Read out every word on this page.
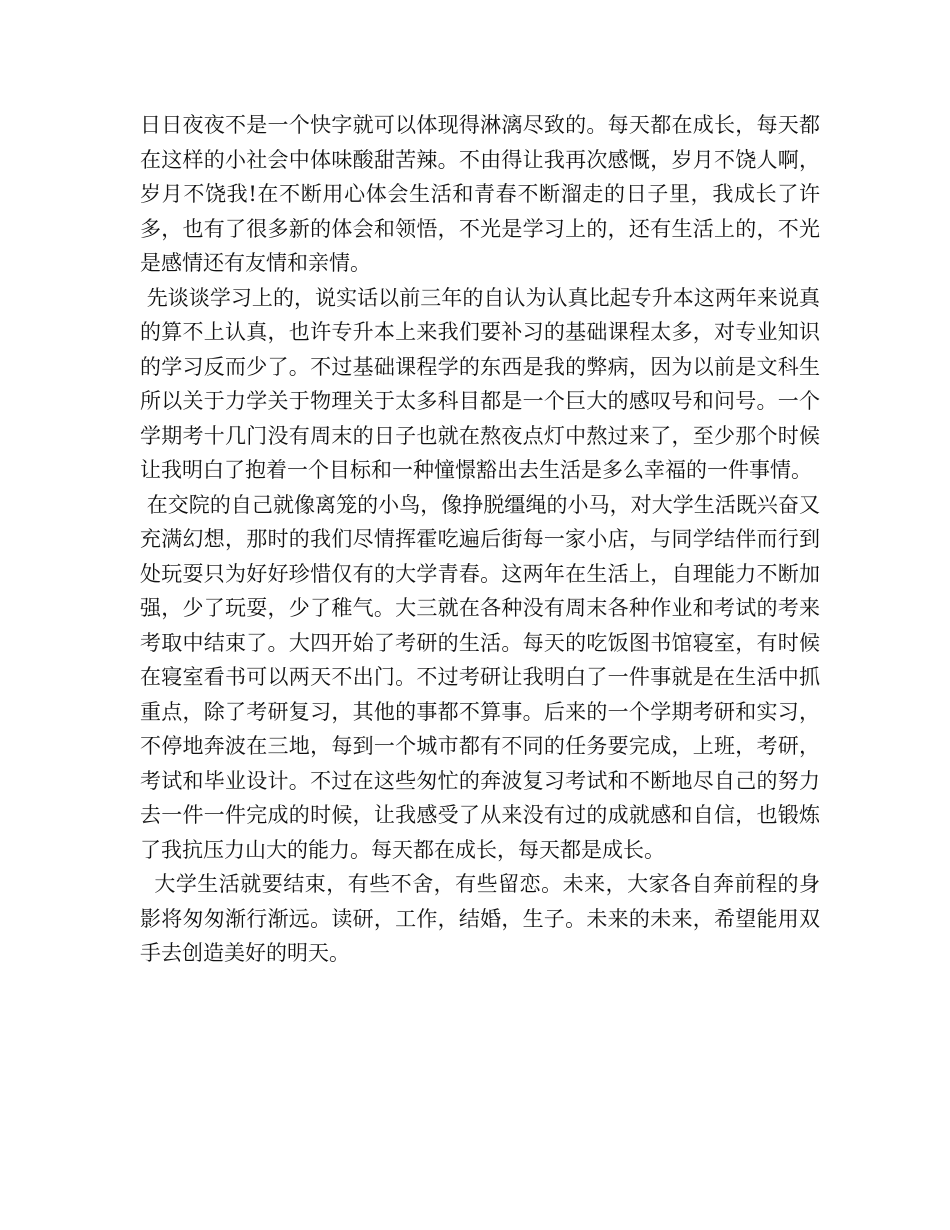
日日夜夜不是一个快字就可以体现得淋漓尽致的。每天都在成长，每天都在这样的小社会中体味酸甜苦辣。不由得让我再次感慨，岁月不饶人啊，岁月不饶我!在不断用心体会生活和青春不断溜走的日子里，我成长了许多，也有了很多新的体会和领悟，不光是学习上的，还有生活上的，不光是感情还有友情和亲情。

先谈谈学习上的，说实话以前三年的自认为认真比起专升本这两年来说真的算不上认真，也许专升本上来我们要补习的基础课程太多，对专业知识的学习反而少了。不过基础课程学的东西是我的弊病，因为以前是文科生所以关于力学关于物理关于太多科目都是一个巨大的感叹号和问号。一个学期考十几门没有周末的日子也就在熬夜点灯中熬过来了，至少那个时候让我明白了抱着一个目标和一种憧憬豁出去生活是多么幸福的一件事情。

在交院的自己就像离笼的小鸟，像挣脱缰绳的小马，对大学生活既兴奋又充满幻想，那时的我们尽情挥霍吃遍后街每一家小店，与同学结伴而行到处玩耍只为好好珍惜仅有的大学青春。这两年在生活上，自理能力不断加强，少了玩耍，少了稚气。大三就在各种没有周末各种作业和考试的考来考取中结束了。大四开始了考研的生活。每天的吃饭图书馆寝室，有时候在寝室看书可以两天不出门。不过考研让我明白了一件事就是在生活中抓重点，除了考研复习，其他的事都不算事。后来的一个学期考研和实习，不停地奔波在三地，每到一个城市都有不同的任务要完成，上班，考研，考试和毕业设计。不过在这些匆忙的奔波复习考试和不断地尽自己的努力去一件一件完成的时候，让我感受了从来没有过的成就感和自信，也锻炼了我抗压力山大的能力。每天都在成长，每天都是成长。

大学生活就要结束，有些不舍，有些留恋。未来，大家各自奔前程的身影将匆匆渐行渐远。读研，工作，结婚，生子。未来的未来，希望能用双手去创造美好的明天。
